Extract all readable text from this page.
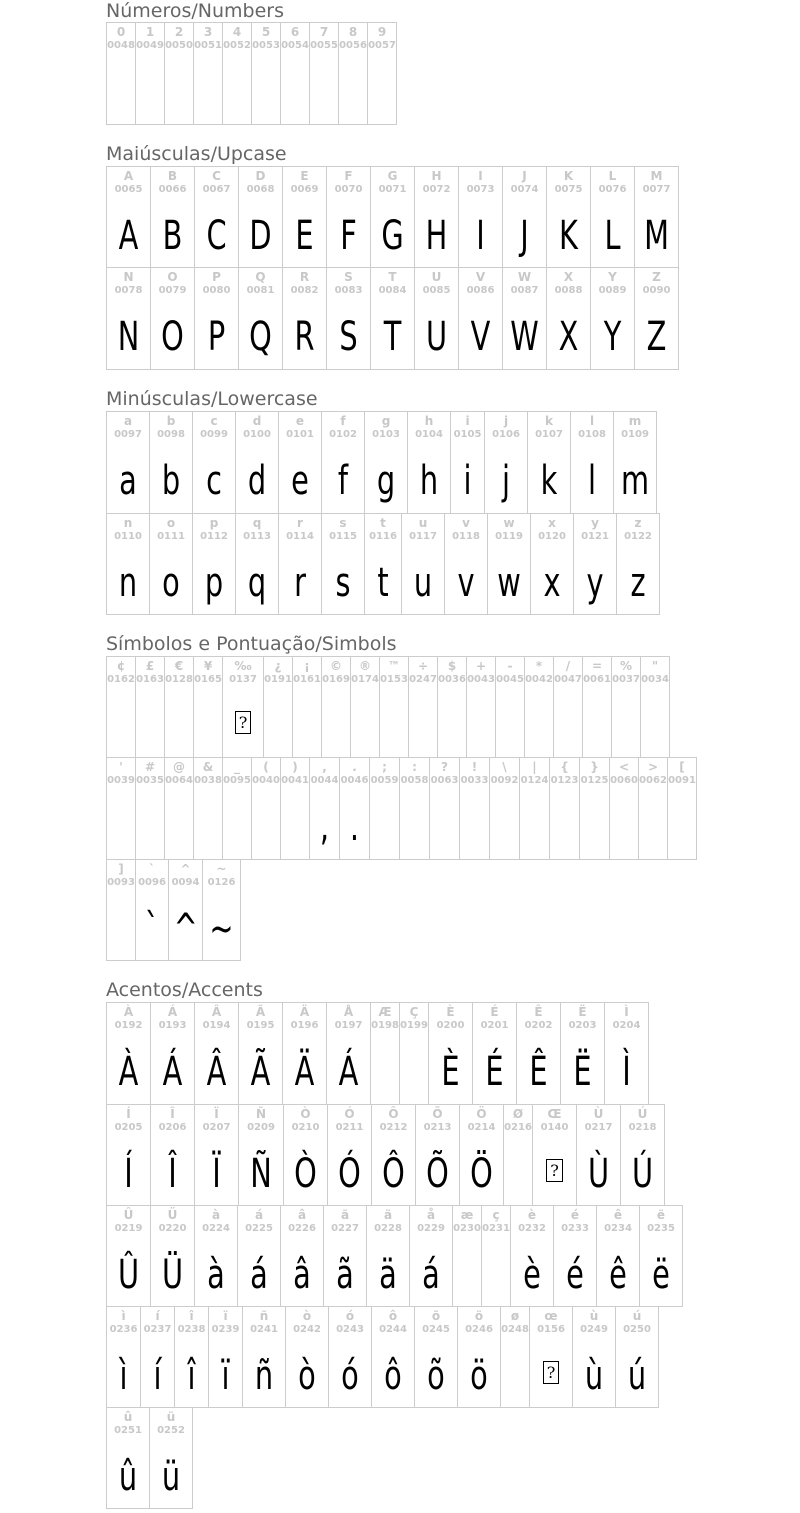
Números/Numbers
0
0048
1
0049
2
0050
3
0051
4
0052
5
0053
6
0054
7
0055
8
0056
9
0057
Maiúsculas/Upcase
A
0065
A
B
0066
B
C
0067
C
D
0068
D
E
0069
E
F
0070
F
G
0071
G
H
0072
H
I
0073
I
J
0074
J
K
0075
K
L
0076
L
M
0077
M
N
0078
N
O
0079
O
P
0080
P
Q
0081
Q
R
0082
R
S
0083
S
T
0084
T
U
0085
U
V
0086
V
W
0087
W
X
0088
X
Y
0089
Y
Z
0090
Z
Minúsculas/Lowercase
a
0097
a
b
0098
b
c
0099
c
d
0100
d
e
0101
e
f
0102
f
g
0103
g
h
0104
h
i
0105
i
j
0106
j
k
0107
k
l
0108
l
m
0109
m
n
0110
n
o
0111
o
p
0112
p
q
0113
q
r
0114
r
s
0115
s
t
0116
t
u
0117
u
v
0118
v
w
0119
w
x
0120
x
y
0121
y
z
0122
z
Símbolos e Pontuação/Simbols
¢
0162
£
0163
€
0128
¥
0165
‰
0137
?
¿
0191
¡
0161
©
0169
®
0174
™
0153
÷
0247
$
0036
+
0043
-
0045
*
0042
/
0047
=
0061
%
0037
"
0034
'
0039
#
0035
@
0064
&
0038
_
0095
(
0040
)
0041
,
0044
,
.
0046
.
;
0059
:
0058
?
0063
!
0033
\
0092
|
0124
{
0123
}
0125
<
0060
>
0062
[
0091
]
0093
`
0096
`
^
0094
^
~
0126
~
Acentos/Accents
À
0192
À
Á
0193
Á
Â
0194
Â
Ã
0195
Ã
Ä
0196
Ä
Å
0197
Á
Æ
0198
Ç
0199
È
0200
È
É
0201
É
Ê
0202
Ê
Ë
0203
Ë
Ì
0204
Ì
Í
0205
Í
Î
0206
Î
Ï
0207
Ï
Ñ
0209
Ñ
Ò
0210
Ò
Ó
0211
Ó
Ô
0212
Ô
Õ
0213
Õ
Ö
0214
Ö
Ø
0216
Œ
0140
?
Ù
0217
Ù
Ú
0218
Ú
Û
0219
Û
Ü
0220
Ü
à
0224
à
á
0225
á
â
0226
â
ã
0227
ã
ä
0228
ä
å
0229
á
æ
0230
ç
0231
è
0232
è
é
0233
é
ê
0234
ê
ë
0235
ë
ì
0236
ì
í
0237
í
î
0238
î
ï
0239
ï
ñ
0241
ñ
ò
0242
ò
ó
0243
ó
ô
0244
ô
õ
0245
õ
ö
0246
ö
ø
0248
œ
0156
?
ù
0249
ù
ú
0250
ú
û
0251
û
ü
0252
ü
